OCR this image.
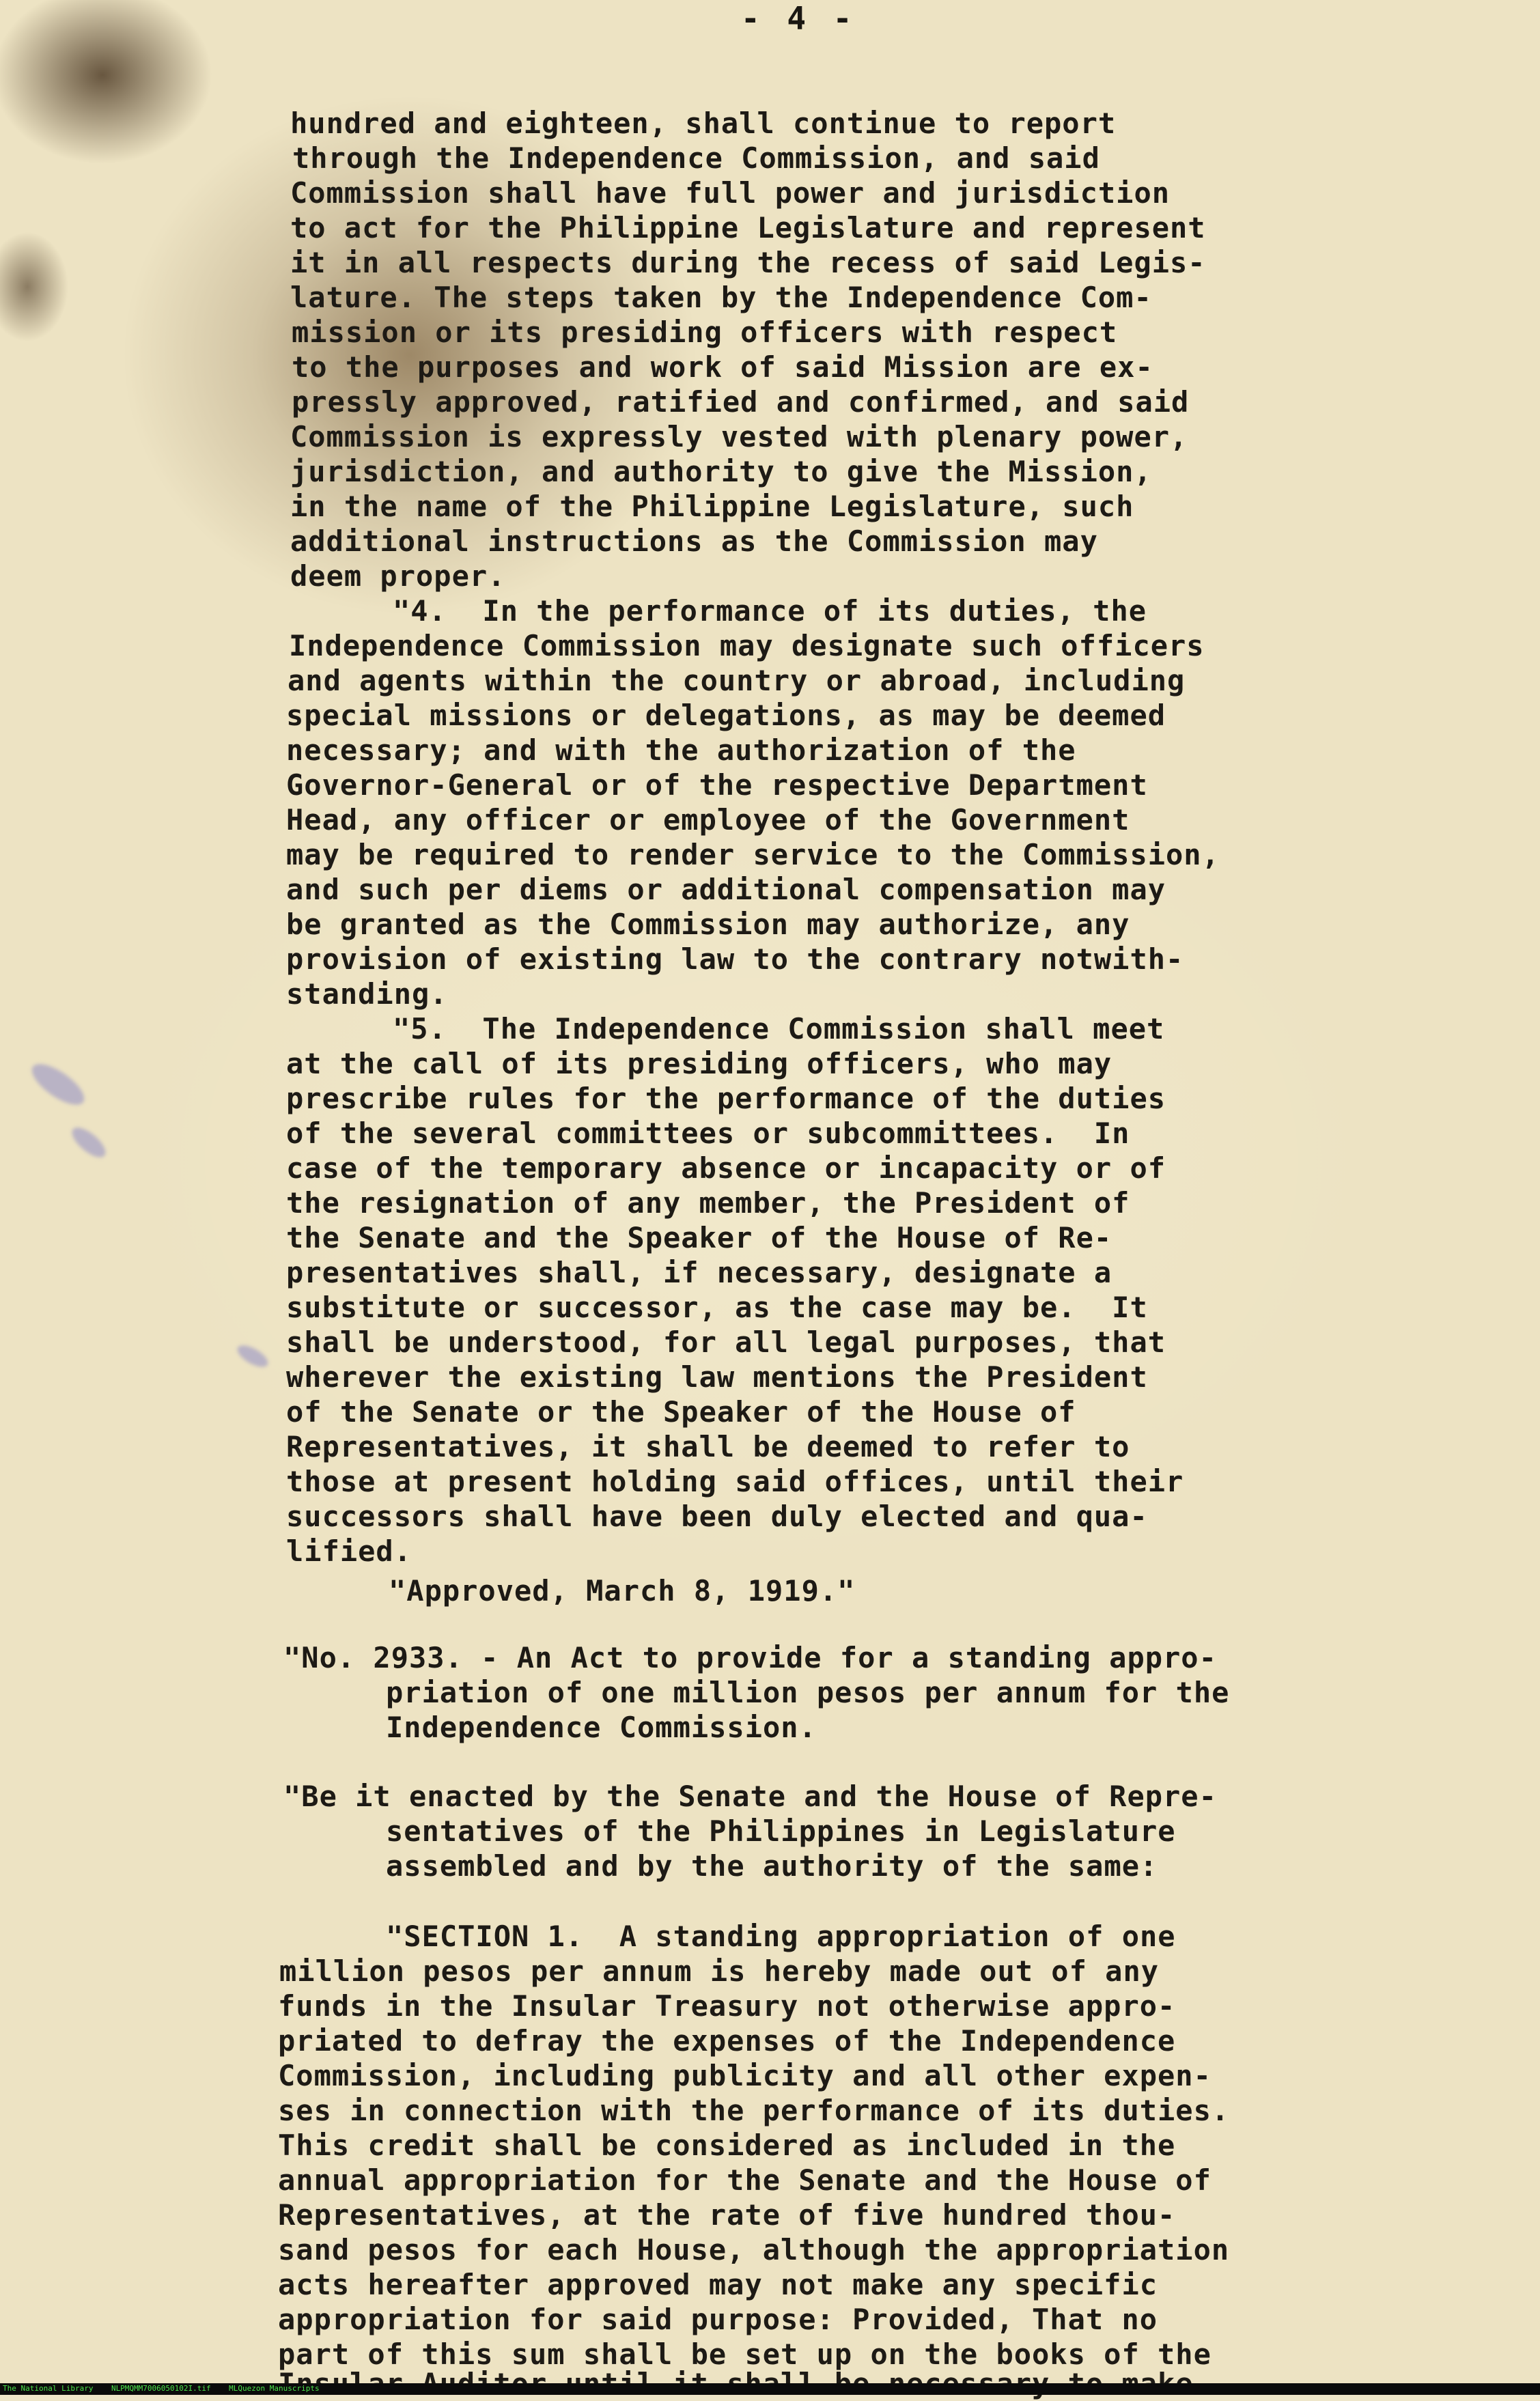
- 4 -
hundred and eighteen, shall continue to report
through the Independence Commission, and said
Commission shall have full power and jurisdiction
to act for the Philippine Legislature and represent
it in all respects during the recess of said Legis-
lature. The steps taken by the Independence Com-
mission or its presiding officers with respect
to the purposes and work of said Mission are ex-
pressly approved, ratified and confirmed, and said
Commission is expressly vested with plenary power,
jurisdiction, and authority to give the Mission,
in the name of the Philippine Legislature, such
additional instructions as the Commission may
deem proper.
"4.  In the performance of its duties, the
Independence Commission may designate such officers
and agents within the country or abroad, including
special missions or delegations, as may be deemed
necessary; and with the authorization of the
Governor-General or of the respective Department
Head, any officer or employee of the Government
may be required to render service to the Commission,
and such per diems or additional compensation may
be granted as the Commission may authorize, any
provision of existing law to the contrary notwith-
standing.
"5.  The Independence Commission shall meet
at the call of its presiding officers, who may
prescribe rules for the performance of the duties
of the several committees or subcommittees.  In
case of the temporary absence or incapacity or of
the resignation of any member, the President of
the Senate and the Speaker of the House of Re-
presentatives shall, if necessary, designate a
substitute or successor, as the case may be.  It
shall be understood, for all legal purposes, that
wherever the existing law mentions the President
of the Senate or the Speaker of the House of
Representatives, it shall be deemed to refer to
those at present holding said offices, until their
successors shall have been duly elected and qua-
lified.
"Approved, March 8, 1919."
"No. 2933. - An Act to provide for a standing appro-
priation of one million pesos per annum for the
Independence Commission.
"Be it enacted by the Senate and the House of Repre-
sentatives of the Philippines in Legislature
assembled and by the authority of the same:
"SECTION 1.  A standing appropriation of one
million pesos per annum is hereby made out of any
funds in the Insular Treasury not otherwise appro-
priated to defray the expenses of the Independence
Commission, including publicity and all other expen-
ses in connection with the performance of its duties.
This credit shall be considered as included in the
annual appropriation for the Senate and the House of
Representatives, at the rate of five hundred thou-
sand pesos for each House, although the appropriation
acts hereafter approved may not make any specific
appropriation for said purpose: Provided, That no
part of this sum shall be set up on the books of the
The National Library    NLPMQMM7006050102I.tif    MLQuezon Manuscripts
